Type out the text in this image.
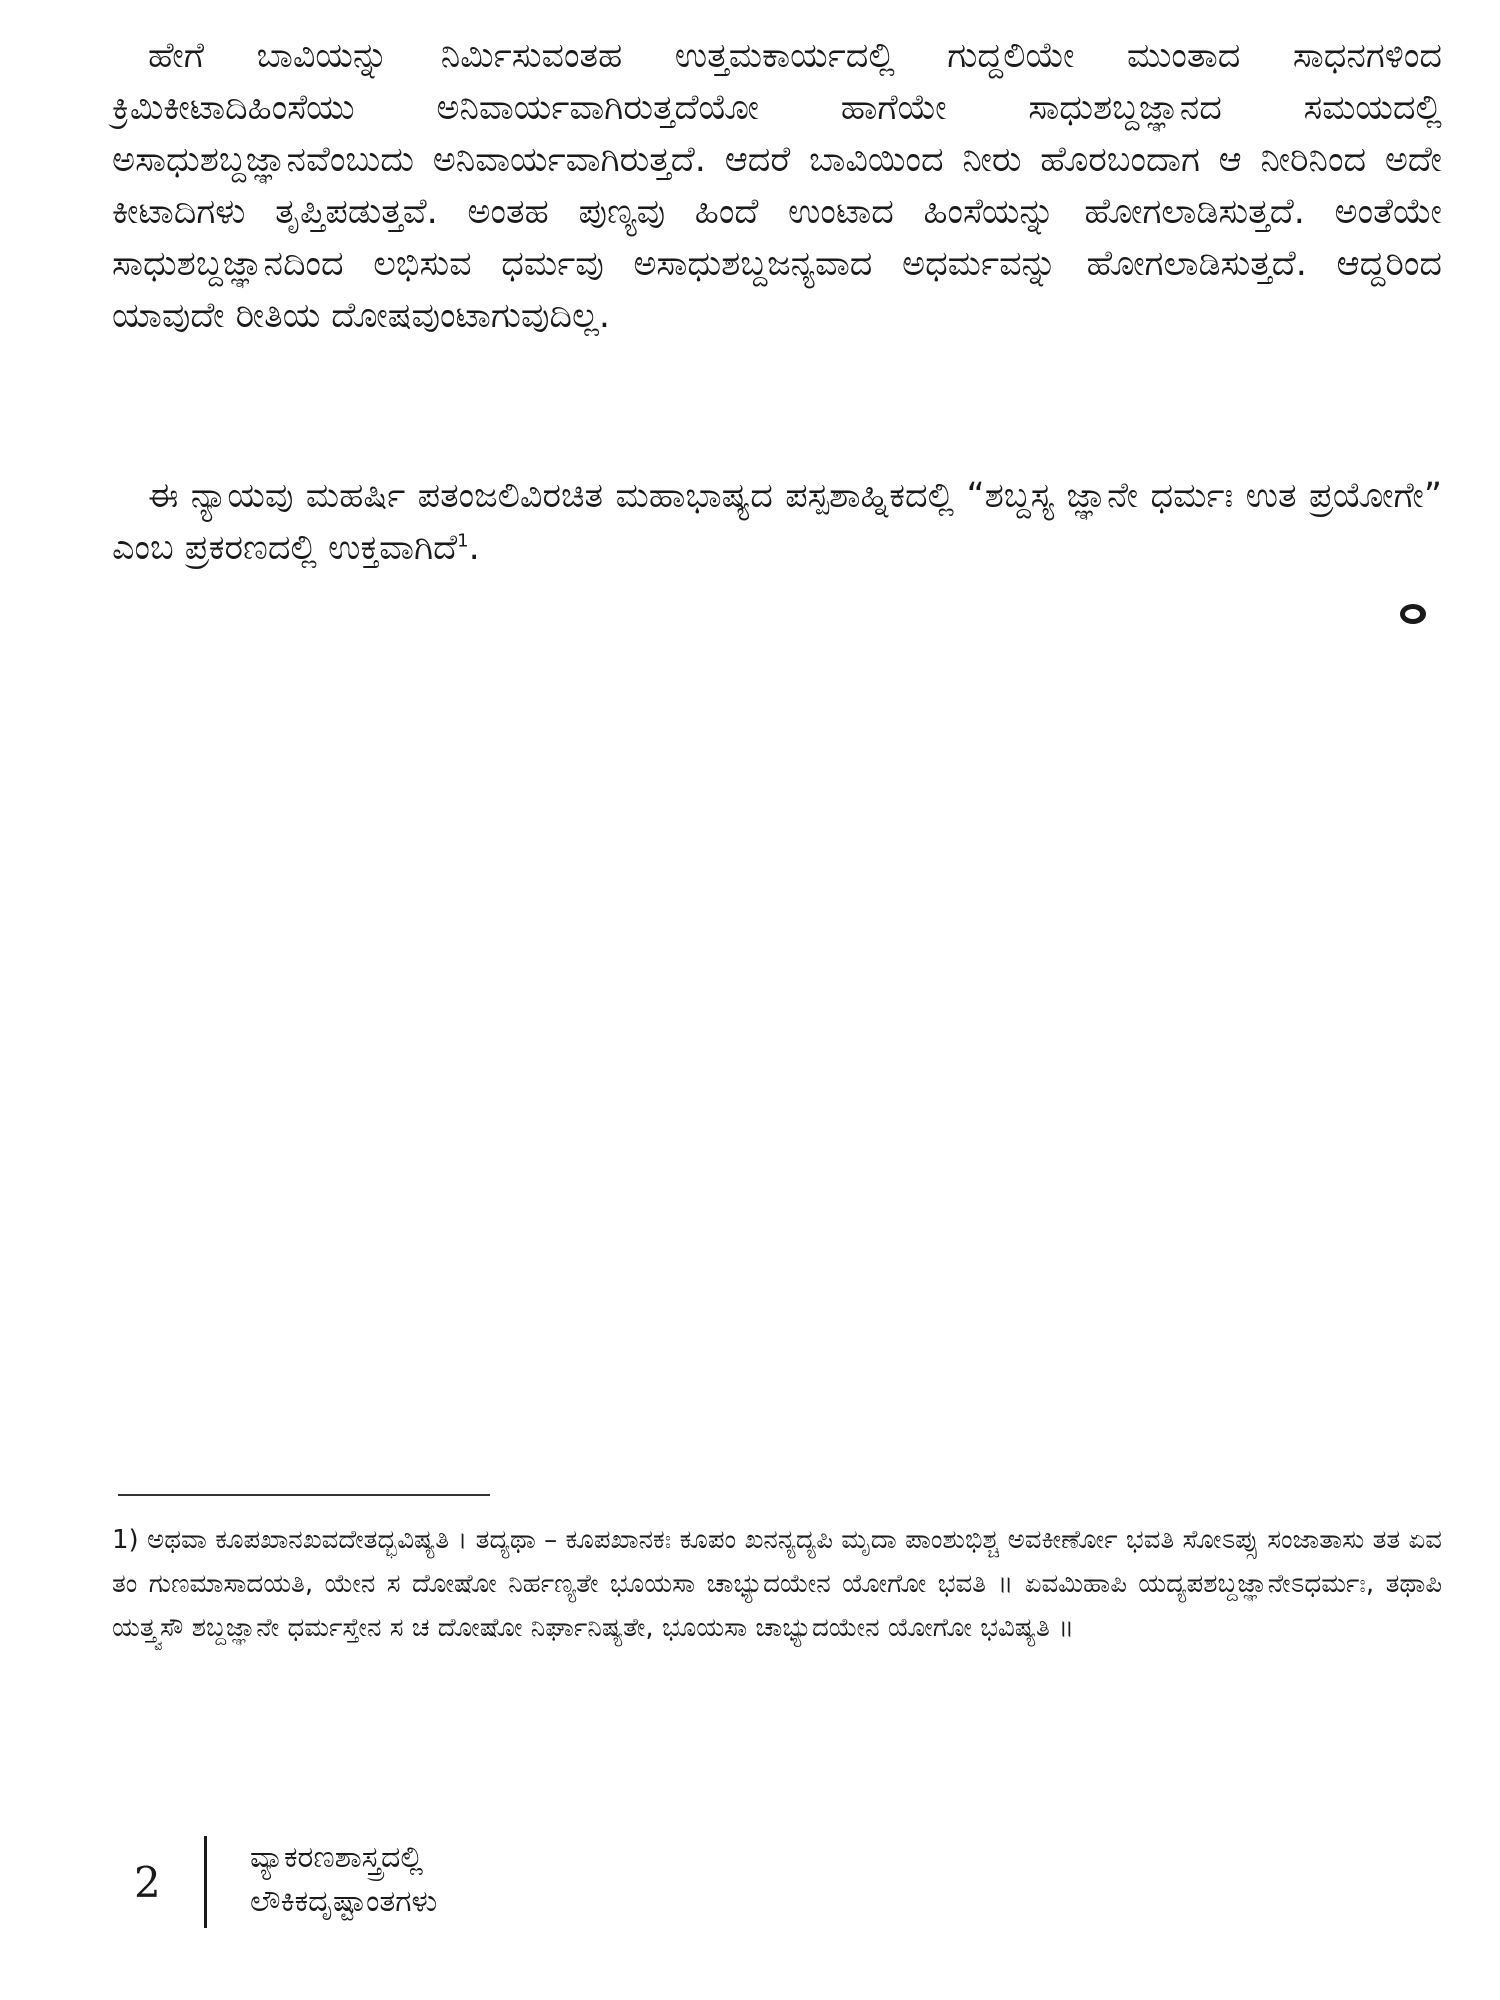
ಹೇಗೆ ಬಾವಿಯನ್ನು ನಿರ್ಮಿಸುವಂತಹ ಉತ್ತಮಕಾರ್ಯದಲ್ಲಿ ಗುದ್ದಲಿಯೇ ಮುಂತಾದ ಸಾಧನಗಳಿಂದ ಕ್ರಿಮಿಕೀಟಾದಿಹಿಂಸೆಯು ಅನಿವಾರ್ಯವಾಗಿರುತ್ತದೆಯೋ ಹಾಗೆಯೇ ಸಾಧುಶಬ್ದಜ್ಞಾನದ ಸಮಯದಲ್ಲಿ ಅಸಾಧುಶಬ್ದಜ್ಞಾನವೆಂಬುದು ಅನಿವಾರ್ಯವಾಗಿರುತ್ತದೆ. ಆದರೆ ಬಾವಿಯಿಂದ ನೀರು ಹೊರಬಂದಾಗ ಆ ನೀರಿನಿಂದ ಅದೇ ಕೀಟಾದಿಗಳು ತೃಪ್ತಿಪಡುತ್ತವೆ. ಅಂತಹ ಪುಣ್ಯವು ಹಿಂದೆ ಉಂಟಾದ ಹಿಂಸೆಯನ್ನು ಹೋಗಲಾಡಿಸುತ್ತದೆ. ಅಂತೆಯೇ ಸಾಧುಶಬ್ದಜ್ಞಾನದಿಂದ ಲಭಿಸುವ ಧರ್ಮವು ಅಸಾಧುಶಬ್ದಜನ್ಯವಾದ ಅಧರ್ಮವನ್ನು ಹೋಗಲಾಡಿಸುತ್ತದೆ. ಆದ್ದರಿಂದ ಯಾವುದೇ ರೀತಿಯ ದೋಷವುಂಟಾಗುವುದಿಲ್ಲ.

ಈ ನ್ಯಾಯವು ಮಹರ್ಷಿ ಪತಂಜಲಿವಿರಚಿತ ಮಹಾಭಾಷ್ಯದ ಪಸ್ಪಶಾಹ್ನಿಕದಲ್ಲಿ “ಶಬ್ದಸ್ಯ ಜ್ಞಾನೇ ಧರ್ಮಃ ಉತ ಪ್ರಯೋಗೇ” ಎಂಬ ಪ್ರಕರಣದಲ್ಲಿ ಉಕ್ತವಾಗಿದೆ$^1$.

1) ಅಥವಾ ಕೂಪಖಾನಖವದೇತದ್ಭವಿಷ್ಯತಿ । ತದ್ಯಥಾ – ಕೂಪಖಾನಕಃ ಕೂಪಂ ಖನನ್ಯದ್ಯಪಿ ಮೃದಾ ಪಾಂಶುಭಿಶ್ಚ ಅವಕೀರ್ಣೋ ಭವತಿ ಸೋಽಪ್ಸು ಸಂಜಾತಾಸು ತತ ಏವ ತಂ ಗುಣಮಾಸಾದಯತಿ, ಯೇನ ಸ ದೋಷೋ ನಿರ್ಹಣ್ಯತೇ ಭೂಯಸಾ ಚಾಭ್ಯುದಯೇನ ಯೋಗೋ ಭವತಿ ॥ ಏವಮಿಹಾಪಿ ಯದ್ಯಪಶಬ್ದಜ್ಞಾನೇಽಧರ್ಮಃ, ತಥಾಪಿ ಯತ್ತ್ವಸೌ ಶಬ್ದಜ್ಞಾನೇ ಧರ್ಮಸ್ತೇನ ಸ ಚ ದೋಷೋ ನಿರ್ಘಾನಿಷ್ಯತೇ, ಭೂಯಸಾ ಚಾಭ್ಯುದಯೇನ ಯೋಗೋ ಭವಿಷ್ಯತಿ ॥

2
ವ್ಯಾಕರಣಶಾಸ್ತ್ರದಲ್ಲಿ
ಲೌಕಿಕದೃಷ್ಟಾಂತಗಳು
